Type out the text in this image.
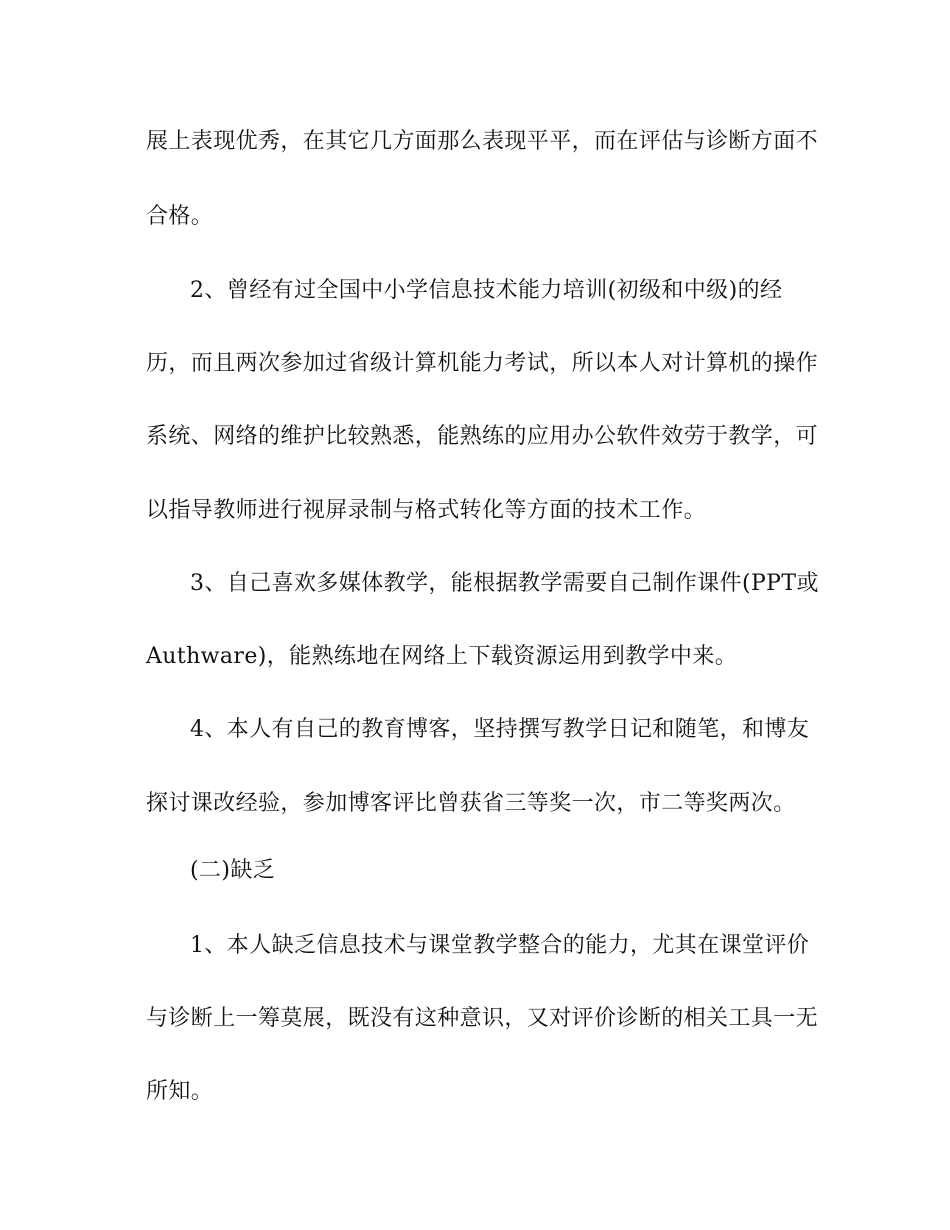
展上表现优秀，在其它几方面那么表现平平，而在评估与诊断方面不
合格。
2、曾经有过全国中小学信息技术能力培训(初级和中级)的经
历，而且两次参加过省级计算机能力考试，所以本人对计算机的操作
系统、网络的维护比较熟悉，能熟练的应用办公软件效劳于教学，可
以指导教师进行视屏录制与格式转化等方面的技术工作。
3、自己喜欢多媒体教学，能根据教学需要自己制作课件(PPT或
Authware)，能熟练地在网络上下载资源运用到教学中来。
4、本人有自己的教育博客，坚持撰写教学日记和随笔，和博友
探讨课改经验，参加博客评比曾获省三等奖一次，市二等奖两次。
(二)缺乏
1、本人缺乏信息技术与课堂教学整合的能力，尤其在课堂评价
与诊断上一筹莫展，既没有这种意识，又对评价诊断的相关工具一无
所知。
